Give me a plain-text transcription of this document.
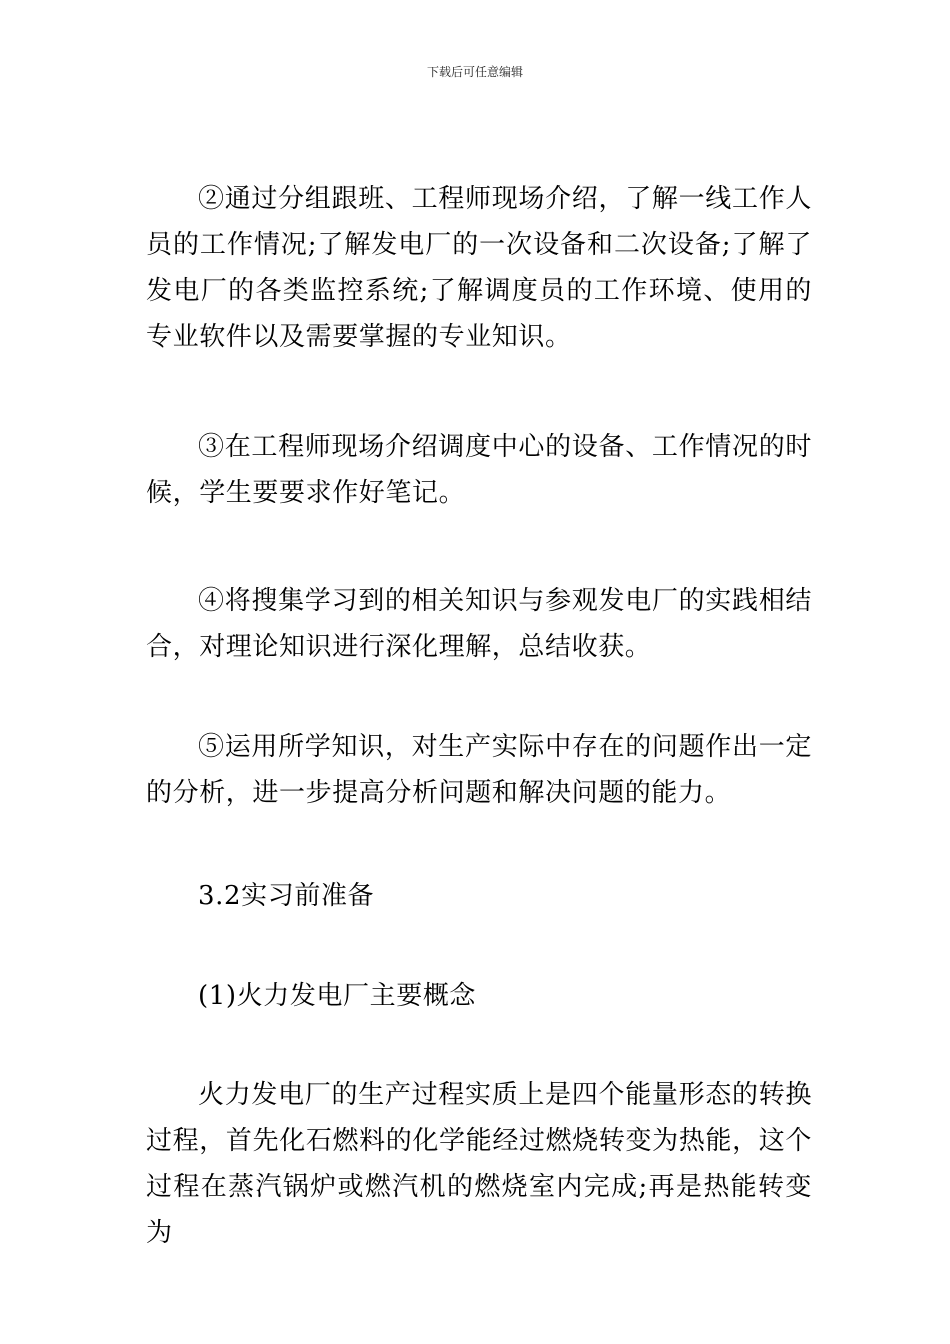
下载后可任意编辑

②通过分组跟班、工程师现场介绍，了解一线工作人员的工作情况;了解发电厂的一次设备和二次设备;了解了发电厂的各类监控系统;了解调度员的工作环境、使用的专业软件以及需要掌握的专业知识。

③在工程师现场介绍调度中心的设备、工作情况的时候，学生要要求作好笔记。

④将搜集学习到的相关知识与参观发电厂的实践相结合，对理论知识进行深化理解，总结收获。

⑤运用所学知识，对生产实际中存在的问题作出一定的分析，进一步提高分析问题和解决问题的能力。

3.2实习前准备

(1)火力发电厂主要概念

火力发电厂的生产过程实质上是四个能量形态的转换过程，首先化石燃料的化学能经过燃烧转变为热能，这个过程在蒸汽锅炉或燃汽机的燃烧室内完成;再是热能转变为
